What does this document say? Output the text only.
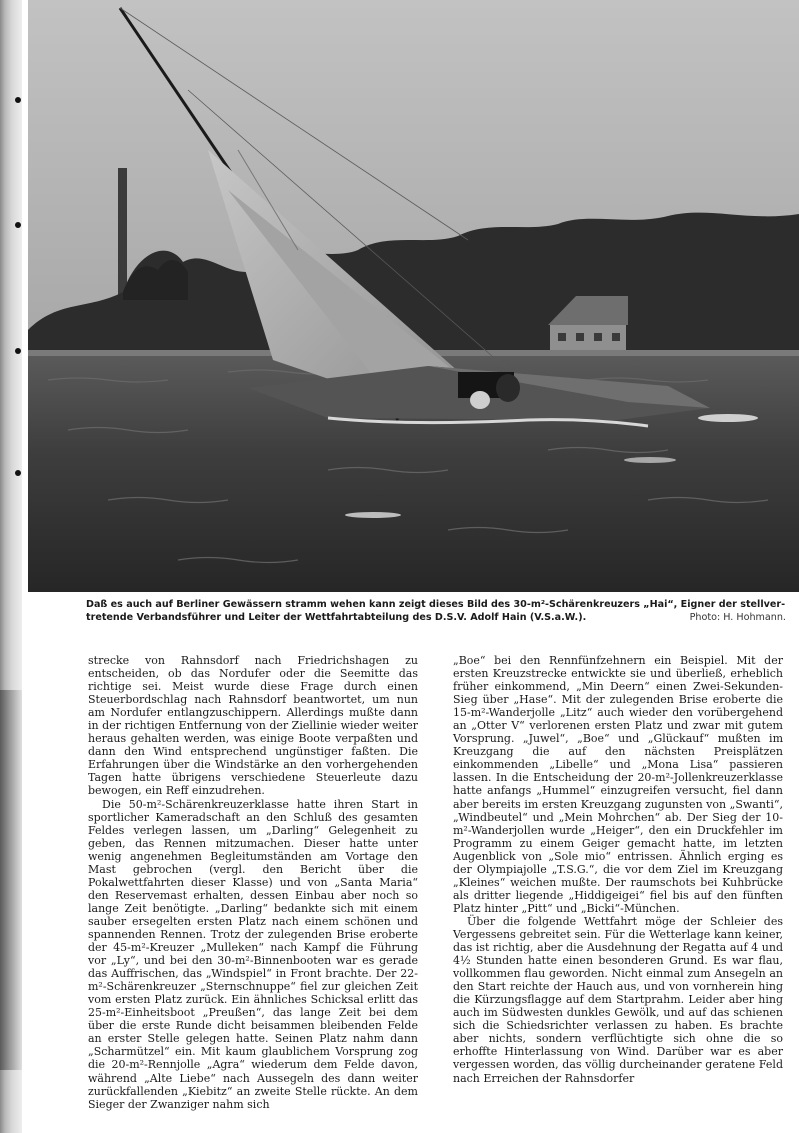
Daß es auch auf Berliner Gewässern stramm wehen kann zeigt dieses Bild des 30-m²-Schärenkreuzers „Hai“, Eigner der stellver-
tretende Verbandsführer und Leiter der Wettfahrtabteilung des D.S.V. Adolf Hain (V.S.a.W.).	Photo: H. Hohmann.

strecke von Rahnsdorf nach Friedrichshagen zu entscheiden, ob das Nordufer oder die Seemitte das richtige sei. Meist wurde diese Frage durch einen Steuerbordschlag nach Rahnsdorf beantwortet, um nun am Nordufer entlangzuschippern. Allerdings mußte dann in der richtigen Entfernung von der Ziellinie wieder weiter heraus gehalten werden, was einige Boote verpaßten und dann den Wind entsprechend ungünstiger faßten. Die Erfahrungen über die Windstärke an den vorhergehenden Tagen hatte übrigens verschiedene Steuerleute dazu bewogen, ein Reff einzudrehen.

Die 50-m²-Schärenkreuzerklasse hatte ihren Start in sportlicher Kameradschaft an den Schluß des gesamten Feldes verlegen lassen, um „Darling“ Gelegenheit zu geben, das Rennen mitzumachen. Dieser hatte unter wenig angenehmen Begleitumständen am Vortage den Mast gebrochen (vergl. den Bericht über die Pokalwettfahrten dieser Klasse) und von „Santa Maria“ den Reservemast erhalten, dessen Einbau aber noch so lange Zeit benötigte. „Darling“ bedankte sich mit einem sauber ersegelten ersten Platz nach einem schönen und spannenden Rennen. Trotz der zulegenden Brise eroberte der 45-m²-Kreuzer „Mulleken“ nach Kampf die Führung vor „Ly“, und bei den 30-m²-Binnenbooten war es gerade das Auffrischen, das „Windspiel“ in Front brachte. Der 22-m²-Schärenkreuzer „Sternschnuppe“ fiel zur gleichen Zeit vom ersten Platz zurück. Ein ähnliches Schicksal erlitt das 25-m²-Einheitsboot „Preußen“, das lange Zeit bei dem über die erste Runde dicht beisammen bleibenden Felde an erster Stelle gelegen hatte. Seinen Platz nahm dann „Scharmützel“ ein. Mit kaum glaublichem Vorsprung zog die 20-m²-Rennjolle „Agra“ wiederum dem Felde davon, während „Alte Liebe“ nach Aussegeln des dann weiter zurückfallenden „Kiebitz“ an zweite Stelle rückte. An dem Sieger der Zwanziger nahm sich

„Boe“ bei den Rennfünfzehnern ein Beispiel. Mit der ersten Kreuzstrecke entwickte sie und überließ, erheblich früher einkommend, „Min Deern“ einen Zwei-Sekunden-Sieg über „Hase“. Mit der zulegenden Brise eroberte die 15-m²-Wanderjolle „Litz“ auch wieder den vorübergehend an „Otter V“ verlorenen ersten Platz und zwar mit gutem Vorsprung. „Juwel“, „Boe“ und „Glückauf“ mußten im Kreuzgang die auf den nächsten Preisplätzen einkommenden „Libelle“ und „Mona Lisa“ passieren lassen. In die Entscheidung der 20-m²-Jollenkreuzerklasse hatte anfangs „Hummel“ einzugreifen versucht, fiel dann aber bereits im ersten Kreuzgang zugunsten von „Swanti“, „Windbeutel“ und „Mein Mohrchen“ ab. Der Sieg der 10-m²-Wanderjollen wurde „Heiger“, den ein Druckfehler im Programm zu einem Geiger gemacht hatte, im letzten Augenblick von „Sole mio“ entrissen. Ähnlich erging es der Olympiajolle „T.S.G.“, die vor dem Ziel im Kreuzgang „Kleines“ weichen mußte. Der raumschots bei Kuhbrücke als dritter liegende „Hiddigeigei“ fiel bis auf den fünften Platz hinter „Pitt“ und „Bicki“-München.

Über die folgende Wettfahrt möge der Schleier des Vergessens gebreitet sein. Für die Wetterlage kann keiner, das ist richtig, aber die Ausdehnung der Regatta auf 4 und 4½ Stunden hatte einen besonderen Grund. Es war flau, vollkommen flau geworden. Nicht einmal zum Ansegeln an den Start reichte der Hauch aus, und von vornherein hing die Kürzungsflagge auf dem Startprahm. Leider aber hing auch im Südwesten dunkles Gewölk, und auf das schienen sich die Schiedsrichter verlassen zu haben. Es brachte aber nichts, sondern verflüchtigte sich ohne die so erhoffte Hinterlassung von Wind. Darüber war es aber vergessen worden, das völlig durcheinander geratene Feld nach Erreichen der Rahnsdorfer
